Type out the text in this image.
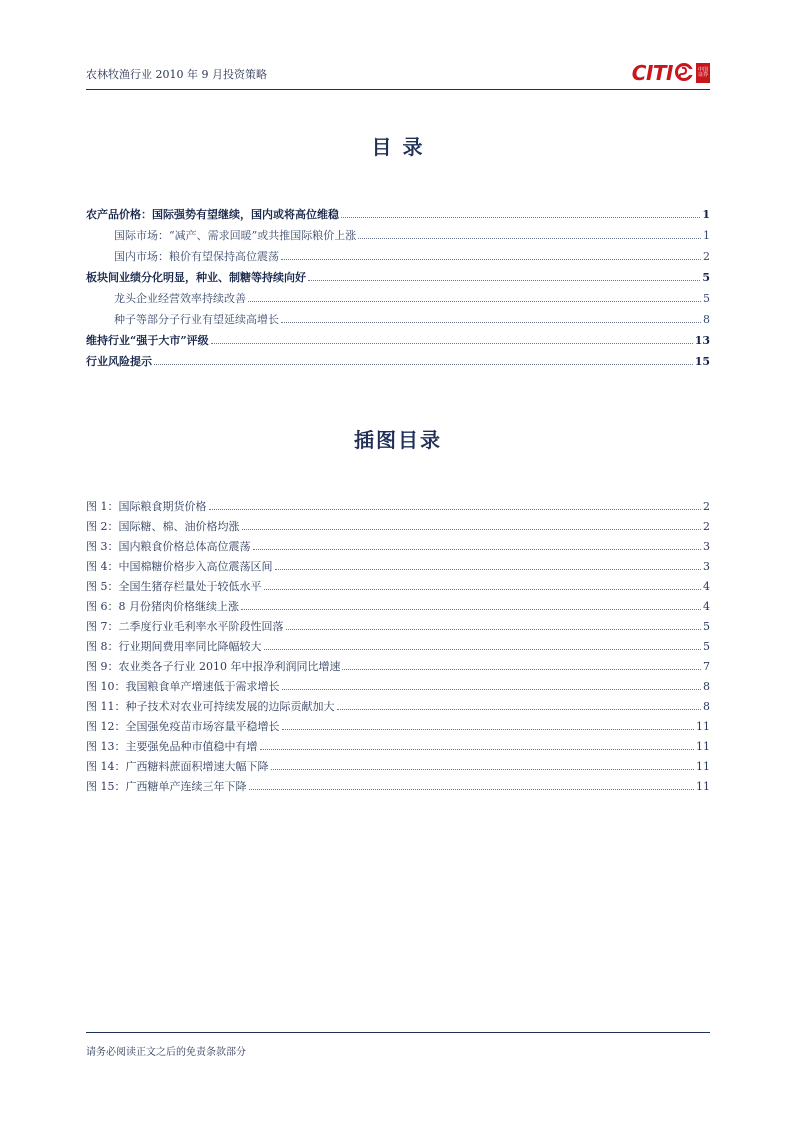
农林牧渔行业 2010 年 9 月投资策略	CITI	中国
证券
目 录
农产品价格：国际强势有望继续，国内或将高位维稳	1
国际市场：“减产、需求回暖”或共推国际粮价上涨	1
国内市场：粮价有望保持高位震荡	2
板块间业绩分化明显，种业、制糖等持续向好	5
龙头企业经营效率持续改善	5
种子等部分子行业有望延续高增长	8
维持行业“强于大市”评级	13
行业风险提示	15
插图目录
图 1：国际粮食期货价格	2
图 2：国际糖、棉、油价格均涨	2
图 3：国内粮食价格总体高位震荡	3
图 4：中国棉糖价格步入高位震荡区间	3
图 5：全国生猪存栏量处于较低水平	4
图 6：8 月份猪肉价格继续上涨	4
图 7：二季度行业毛利率水平阶段性回落	5
图 8：行业期间费用率同比降幅较大	5
图 9：农业类各子行业 2010 年中报净利润同比增速	7
图 10：我国粮食单产增速低于需求增长	8
图 11：种子技术对农业可持续发展的边际贡献加大	8
图 12：全国强免疫苗市场容量平稳增长	11
图 13：主要强免品种市值稳中有增	11
图 14：广西糖料蔗面积增速大幅下降	11
图 15：广西糖单产连续三年下降	11
请务必阅读正文之后的免责条款部分
